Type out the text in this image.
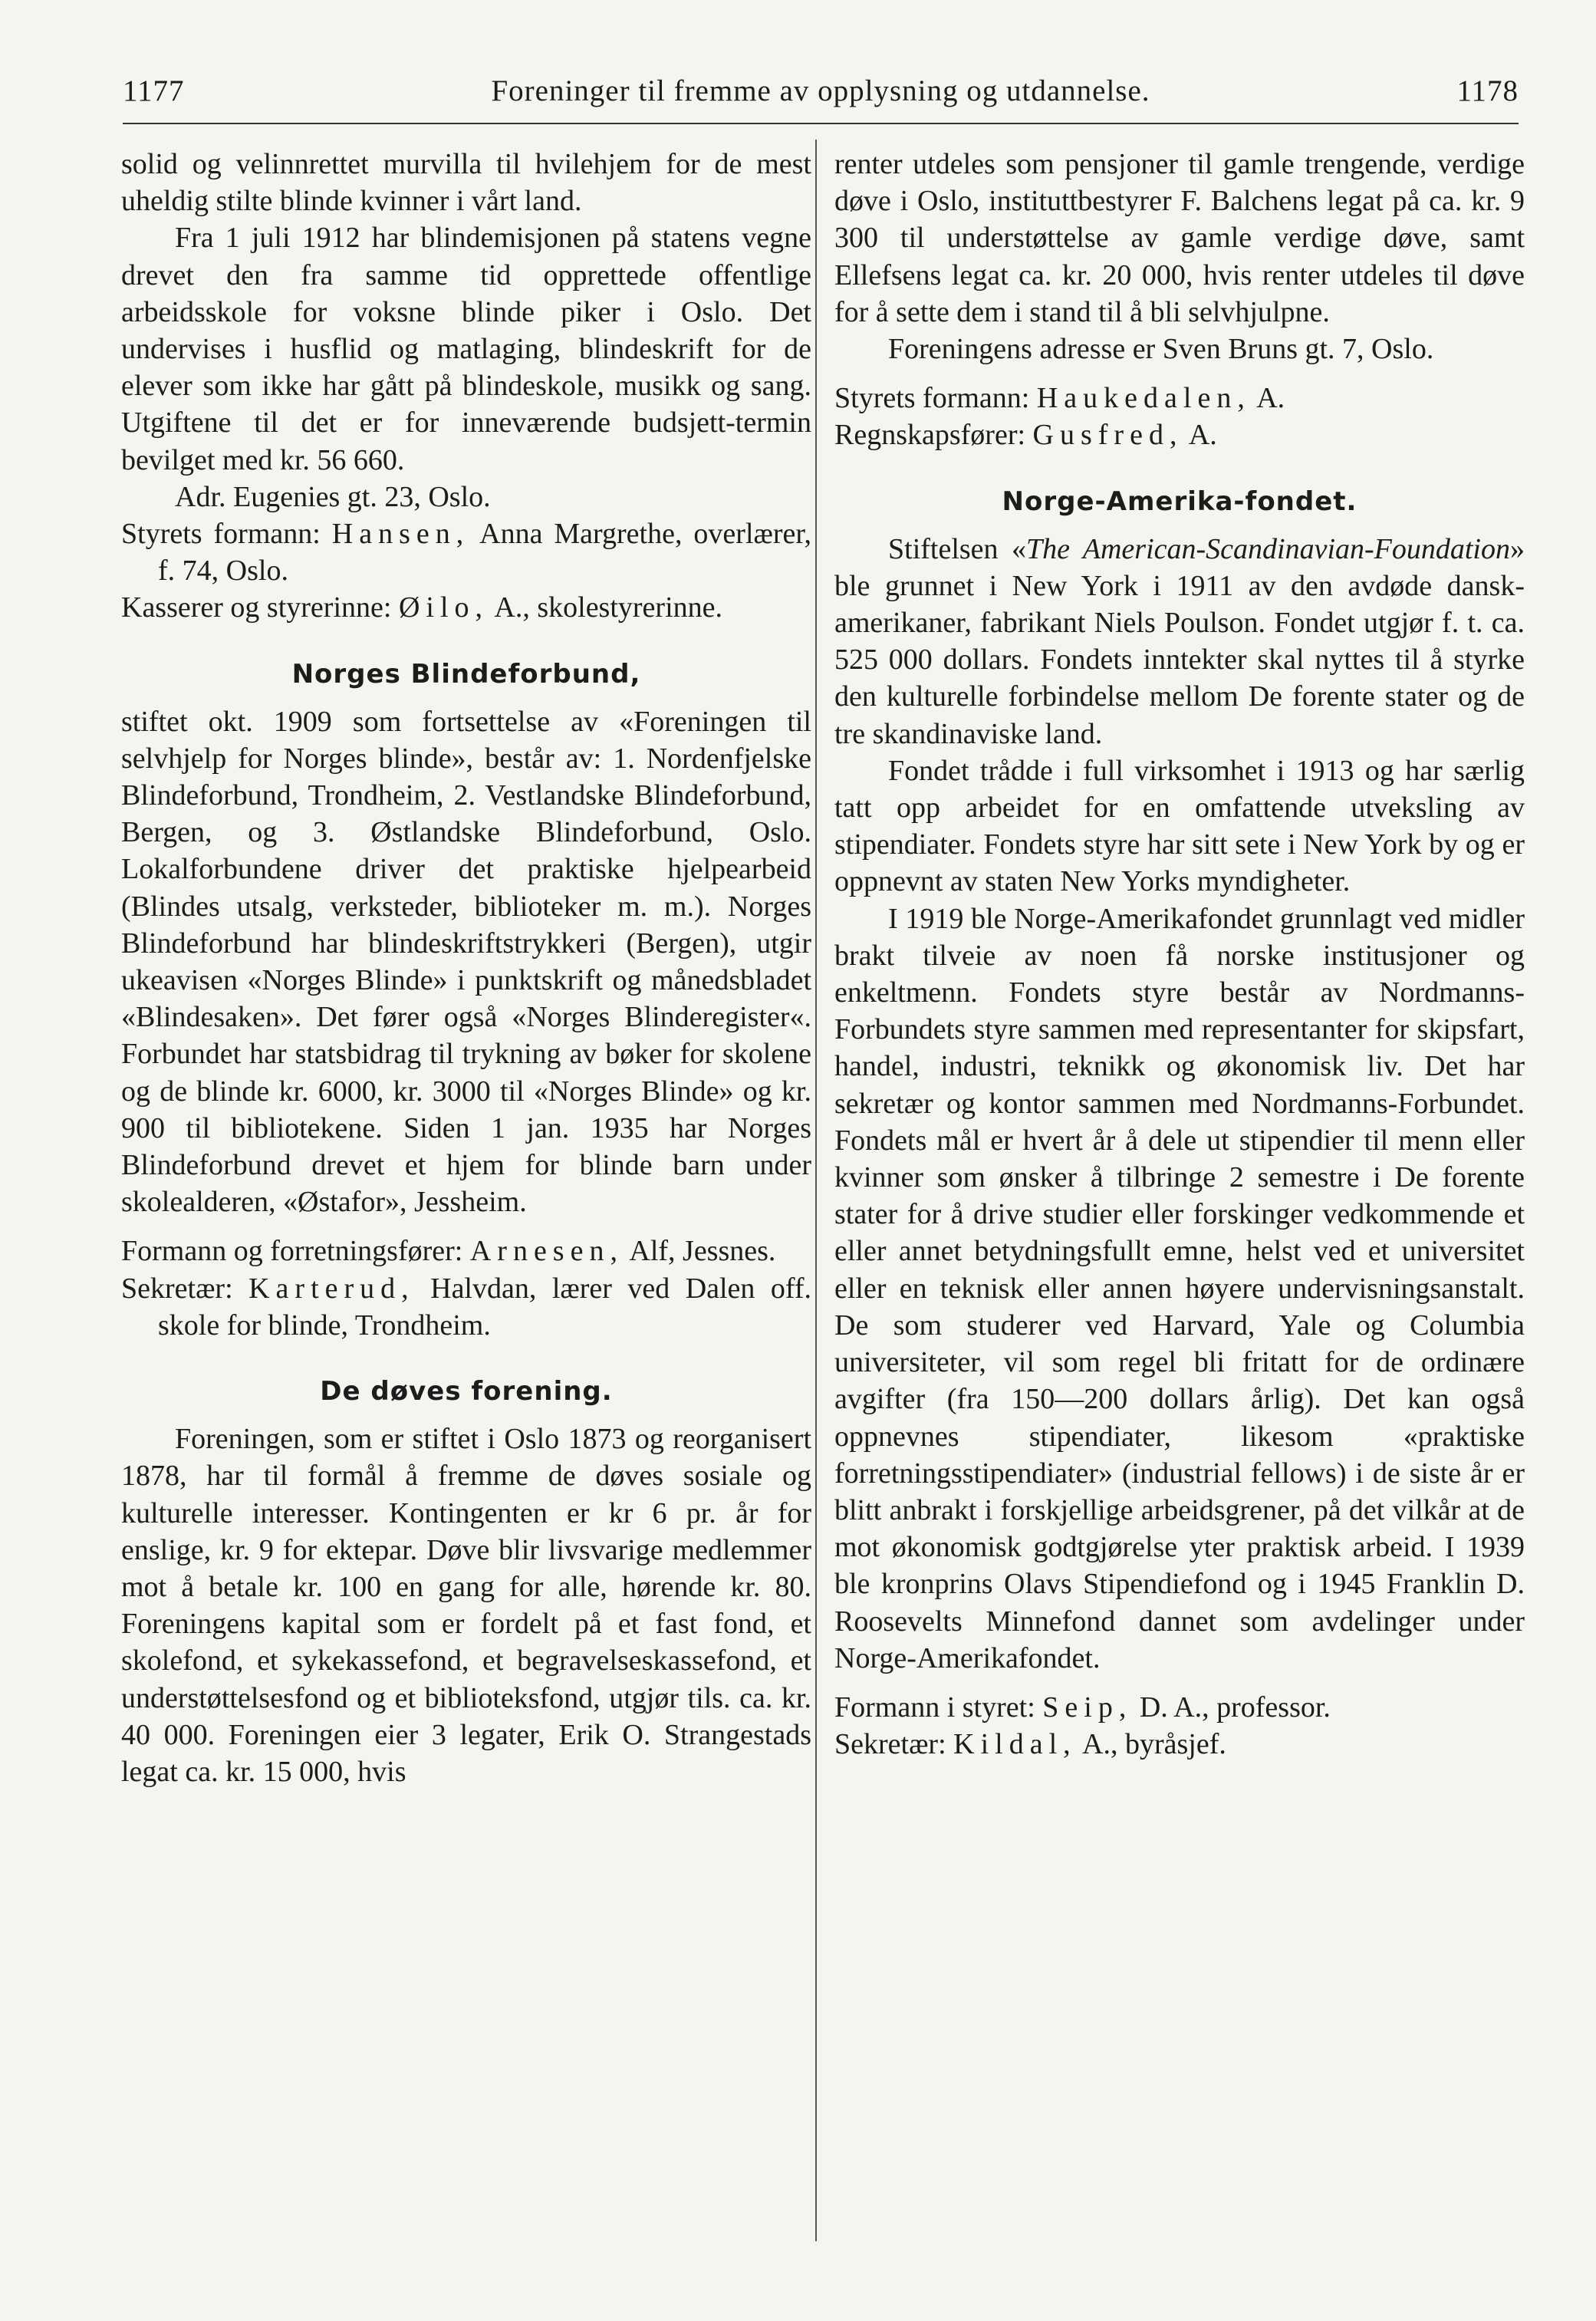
1177	Foreninger til fremme av opplysning og utdannelse.	1178

solid og velinnrettet murvilla til hvilehjem for de mest uheldig stilte blinde kvinner i vårt land.

Fra 1 juli 1912 har blindemisjonen på statens vegne drevet den fra samme tid opprettede offentlige arbeidsskole for voksne blinde piker i Oslo. Det undervises i husflid og matlaging, blindeskrift for de elever som ikke har gått på blindeskole, musikk og sang. Utgiftene til det er for inneværende budsjett-termin bevilget med kr. 56 660.

Adr. Eugenies gt. 23, Oslo.

Styrets formann: Hansen, Anna Margrethe, overlærer, f. 74, Oslo.

Kasserer og styrerinne: Øilo, A., skolestyrerinne.

Norges Blindeforbund,

stiftet okt. 1909 som fortsettelse av «Foreningen til selvhjelp for Norges blinde», består av: 1. Nordenfjelske Blindeforbund, Trondheim, 2. Vestlandske Blindeforbund, Bergen, og 3. Østlandske Blindeforbund, Oslo. Lokalforbundene driver det praktiske hjelpearbeid (Blindes utsalg, verksteder, biblioteker m. m.). Norges Blindeforbund har blindeskriftstrykkeri (Bergen), utgir ukeavisen «Norges Blinde» i punktskrift og månedsbladet «Blindesaken». Det fører også «Norges Blinderegister«. Forbundet har statsbidrag til trykning av bøker for skolene og de blinde kr. 6000, kr. 3000 til «Norges Blinde» og kr. 900 til bibliotekene. Siden 1 jan. 1935 har Norges Blindeforbund drevet et hjem for blinde barn under skolealderen, «Østafor», Jessheim.

Formann og forretningsfører: Arnesen, Alf, Jessnes.

Sekretær: Karterud, Halvdan, lærer ved Dalen off. skole for blinde, Trondheim.

De døves forening.

Foreningen, som er stiftet i Oslo 1873 og reorganisert 1878, har til formål å fremme de døves sosiale og kulturelle interesser. Kontingenten er kr 6 pr. år for enslige, kr. 9 for ektepar. Døve blir livsvarige medlemmer mot å betale kr. 100 en gang for alle, hørende kr. 80. Foreningens kapital som er fordelt på et fast fond, et skolefond, et sykekassefond, et begravelseskassefond, et understøttelsesfond og et biblioteksfond, utgjør tils. ca. kr. 40 000. Foreningen eier 3 legater, Erik O. Strangestads legat ca. kr. 15 000, hvis

renter utdeles som pensjoner til gamle trengende, verdige døve i Oslo, instituttbestyrer F. Balchens legat på ca. kr. 9 300 til understøttelse av gamle verdige døve, samt Ellefsens legat ca. kr. 20 000, hvis renter utdeles til døve for å sette dem i stand til å bli selvhjulpne.

Foreningens adresse er Sven Bruns gt. 7, Oslo.

Styrets formann: Haukedalen, A.

Regnskapsfører: Gusfred, A.

Norge-Amerika-fondet.

Stiftelsen «The American-Scandinavian-Foundation» ble grunnet i New York i 1911 av den avdøde dansk-amerikaner, fabrikant Niels Poulson. Fondet utgjør f. t. ca. 525 000 dollars. Fondets inntekter skal nyttes til å styrke den kulturelle forbindelse mellom De forente stater og de tre skandinaviske land.

Fondet trådde i full virksomhet i 1913 og har særlig tatt opp arbeidet for en omfattende utveksling av stipendiater. Fondets styre har sitt sete i New York by og er oppnevnt av staten New Yorks myndigheter.

I 1919 ble Norge-Amerikafondet grunnlagt ved midler brakt tilveie av noen få norske institusjoner og enkeltmenn. Fondets styre består av Nordmanns-Forbundets styre sammen med representanter for skipsfart, handel, industri, teknikk og økonomisk liv. Det har sekretær og kontor sammen med Nordmanns-Forbundet. Fondets mål er hvert år å dele ut stipendier til menn eller kvinner som ønsker å tilbringe 2 semestre i De forente stater for å drive studier eller forskinger vedkommende et eller annet betydningsfullt emne, helst ved et universitet eller en teknisk eller annen høyere undervisningsanstalt. De som studerer ved Harvard, Yale og Columbia universiteter, vil som regel bli fritatt for de ordinære avgifter (fra 150—200 dollars årlig). Det kan også oppnevnes stipendiater, likesom «praktiske forretningsstipendiater» (industrial fellows) i de siste år er blitt anbrakt i forskjellige arbeidsgrener, på det vilkår at de mot økonomisk godtgjørelse yter praktisk arbeid. I 1939 ble kronprins Olavs Stipendiefond og i 1945 Franklin D. Roosevelts Minnefond dannet som avdelinger under Norge-Amerikafondet.

Formann i styret: Seip, D. A., professor.

Sekretær: Kildal, A., byråsjef.
